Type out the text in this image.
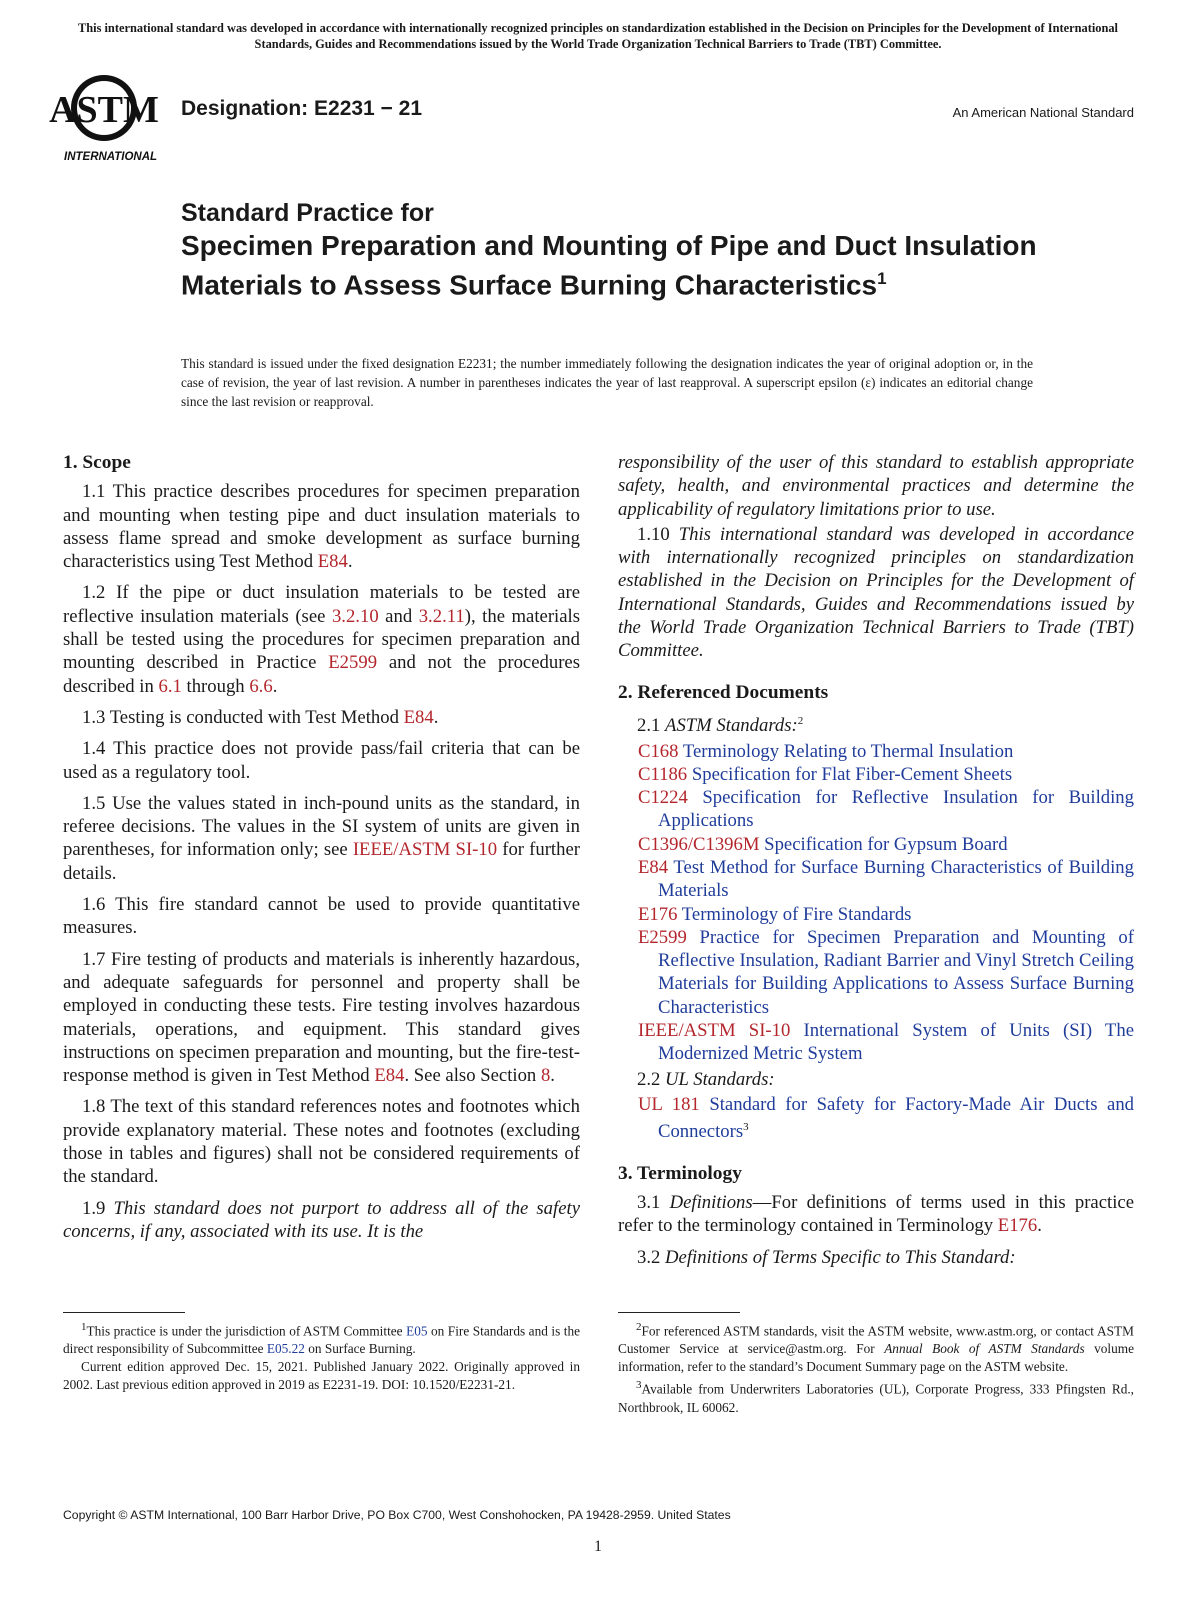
This international standard was developed in accordance with internationally recognized principles on standardization established in the Decision on Principles for the Development of International Standards, Guides and Recommendations issued by the World Trade Organization Technical Barriers to Trade (TBT) Committee.
ASTM
INTERNATIONAL
Designation: E2231 − 21	An American National Standard
Standard Practice for
Specimen Preparation and Mounting of Pipe and Duct Insulation Materials to Assess Surface Burning Characteristics$^1$
This standard is issued under the fixed designation E2231; the number immediately following the designation indicates the year of original adoption or, in the case of revision, the year of last revision. A number in parentheses indicates the year of last reapproval. A superscript epsilon (ε) indicates an editorial change since the last revision or reapproval.
1. Scope

1.1 This practice describes procedures for specimen preparation and mounting when testing pipe and duct insulation materials to assess flame spread and smoke development as surface burning characteristics using Test Method E84.

1.2 If the pipe or duct insulation materials to be tested are reflective insulation materials (see 3.2.10 and 3.2.11), the materials shall be tested using the procedures for specimen preparation and mounting described in Practice E2599 and not the procedures described in 6.1 through 6.6.

1.3 Testing is conducted with Test Method E84.

1.4 This practice does not provide pass/fail criteria that can be used as a regulatory tool.

1.5 Use the values stated in inch-pound units as the standard, in referee decisions. The values in the SI system of units are given in parentheses, for information only; see IEEE/ASTM SI-10 for further details.

1.6 This fire standard cannot be used to provide quantitative measures.

1.7 Fire testing of products and materials is inherently hazardous, and adequate safeguards for personnel and property shall be employed in conducting these tests. Fire testing involves hazardous materials, operations, and equipment. This standard gives instructions on specimen preparation and mounting, but the fire-test-response method is given in Test Method E84. See also Section 8.

1.8 The text of this standard references notes and footnotes which provide explanatory material. These notes and footnotes (excluding those in tables and figures) shall not be considered requirements of the standard.

1.9 This standard does not purport to address all of the safety concerns, if any, associated with its use. It is the

responsibility of the user of this standard to establish appropriate safety, health, and environmental practices and determine the applicability of regulatory limitations prior to use.

1.10 This international standard was developed in accordance with internationally recognized principles on standardization established in the Decision on Principles for the Development of International Standards, Guides and Recommendations issued by the World Trade Organization Technical Barriers to Trade (TBT) Committee.

2. Referenced Documents

2.1 ASTM Standards:$^2$

C168 Terminology Relating to Thermal Insulation

C1186 Specification for Flat Fiber-Cement Sheets

C1224 Specification for Reflective Insulation for Building Applications

C1396/C1396M Specification for Gypsum Board

E84 Test Method for Surface Burning Characteristics of Building Materials

E176 Terminology of Fire Standards

E2599 Practice for Specimen Preparation and Mounting of Reflective Insulation, Radiant Barrier and Vinyl Stretch Ceiling Materials for Building Applications to Assess Surface Burning Characteristics

IEEE/ASTM SI-10 International System of Units (SI) The Modernized Metric System

2.2 UL Standards:

UL 181 Standard for Safety for Factory-Made Air Ducts and Connectors$^3$

3. Terminology

3.1 Definitions—For definitions of terms used in this practice refer to the terminology contained in Terminology E176.

3.2 Definitions of Terms Specific to This Standard:

$^1$This practice is under the jurisdiction of ASTM Committee E05 on Fire Standards and is the direct responsibility of Subcommittee E05.22 on Surface Burning.

Current edition approved Dec. 15, 2021. Published January 2022. Originally approved in 2002. Last previous edition approved in 2019 as E2231-19. DOI: 10.1520/E2231-21.

$^2$For referenced ASTM standards, visit the ASTM website, www.astm.org, or contact ASTM Customer Service at service@astm.org. For Annual Book of ASTM Standards volume information, refer to the standard’s Document Summary page on the ASTM website.

$^3$Available from Underwriters Laboratories (UL), Corporate Progress, 333 Pfingsten Rd., Northbrook, IL 60062.

Copyright © ASTM International, 100 Barr Harbor Drive, PO Box C700, West Conshohocken, PA 19428-2959. United States
1
